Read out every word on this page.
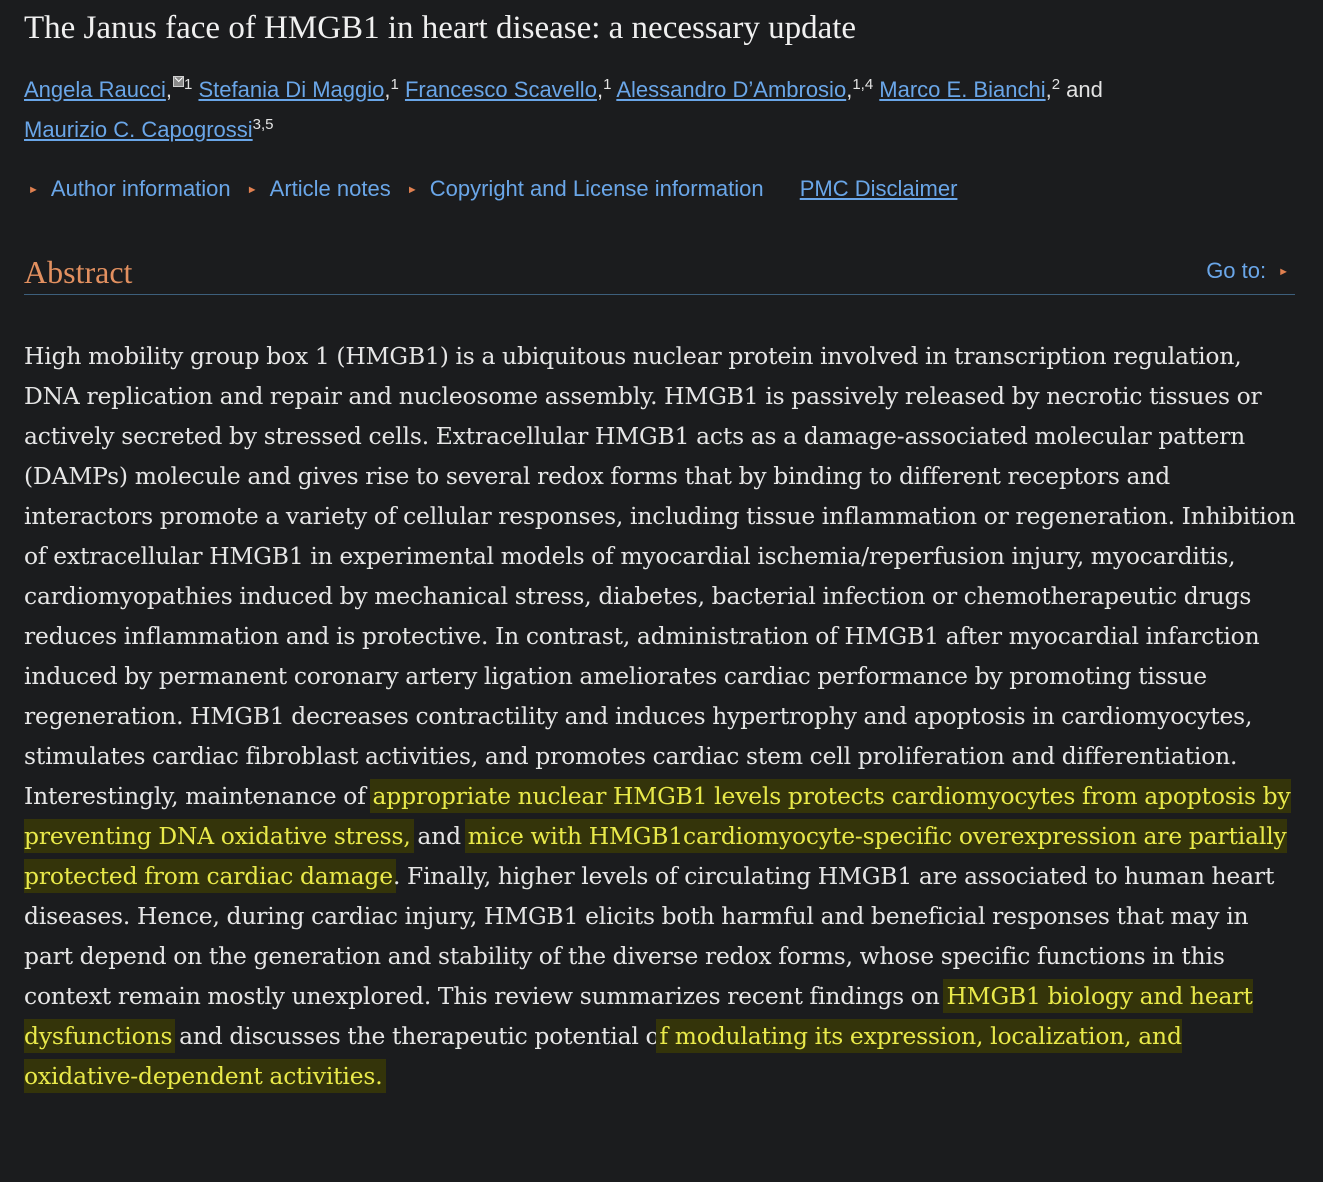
The Janus face of HMGB1 in heart disease: a necessary update
Angela Raucci, $^1$ Stefania Di Maggio,$^1$ Francesco Scavello,$^1$ Alessandro D’Ambrosio,$^{1,4}$ Marco E. Bianchi,$^2$ and
Maurizio C. Capogrossi$^{3,5}$
► Author information ► Article notes ► Copyright and License information PMC Disclaimer
Abstract	Go to: ►

High mobility group box 1 (HMGB1) is a ubiquitous nuclear protein involved in transcription regulation, DNA replication and repair and nucleosome assembly. HMGB1 is passively released by necrotic tissues or actively secreted by stressed cells. Extracellular HMGB1 acts as a damage-associated molecular pattern (DAMPs) molecule and gives rise to several redox forms that by binding to different receptors and interactors promote a variety of cellular responses, including tissue inflammation or regeneration. Inhibition of extracellular HMGB1 in experimental models of myocardial ischemia/reperfusion injury, myocarditis, cardiomyopathies induced by mechanical stress, diabetes, bacterial infection or chemotherapeutic drugs reduces inflammation and is protective. In contrast, administration of HMGB1 after myocardial infarction induced by permanent coronary artery ligation ameliorates cardiac performance by promoting tissue regeneration. HMGB1 decreases contractility and induces hypertrophy and apoptosis in cardiomyocytes, stimulates cardiac fibroblast activities, and promotes cardiac stem cell proliferation and differentiation. Interestingly, maintenance of appropriate nuclear HMGB1 levels protects cardiomyocytes from apoptosis by preventing DNA oxidative stress, and mice with HMGB1cardiomyocyte-specific overexpression are partially protected from cardiac damage. Finally, higher levels of circulating HMGB1 are associated to human heart diseases. Hence, during cardiac injury, HMGB1 elicits both harmful and beneficial responses that may in part depend on the generation and stability of the diverse redox forms, whose specific functions in this context remain mostly unexplored. This review summarizes recent findings on HMGB1 biology and heart dysfunctions and discusses the therapeutic potential of modulating its expression, localization, and oxidative-dependent activities.
